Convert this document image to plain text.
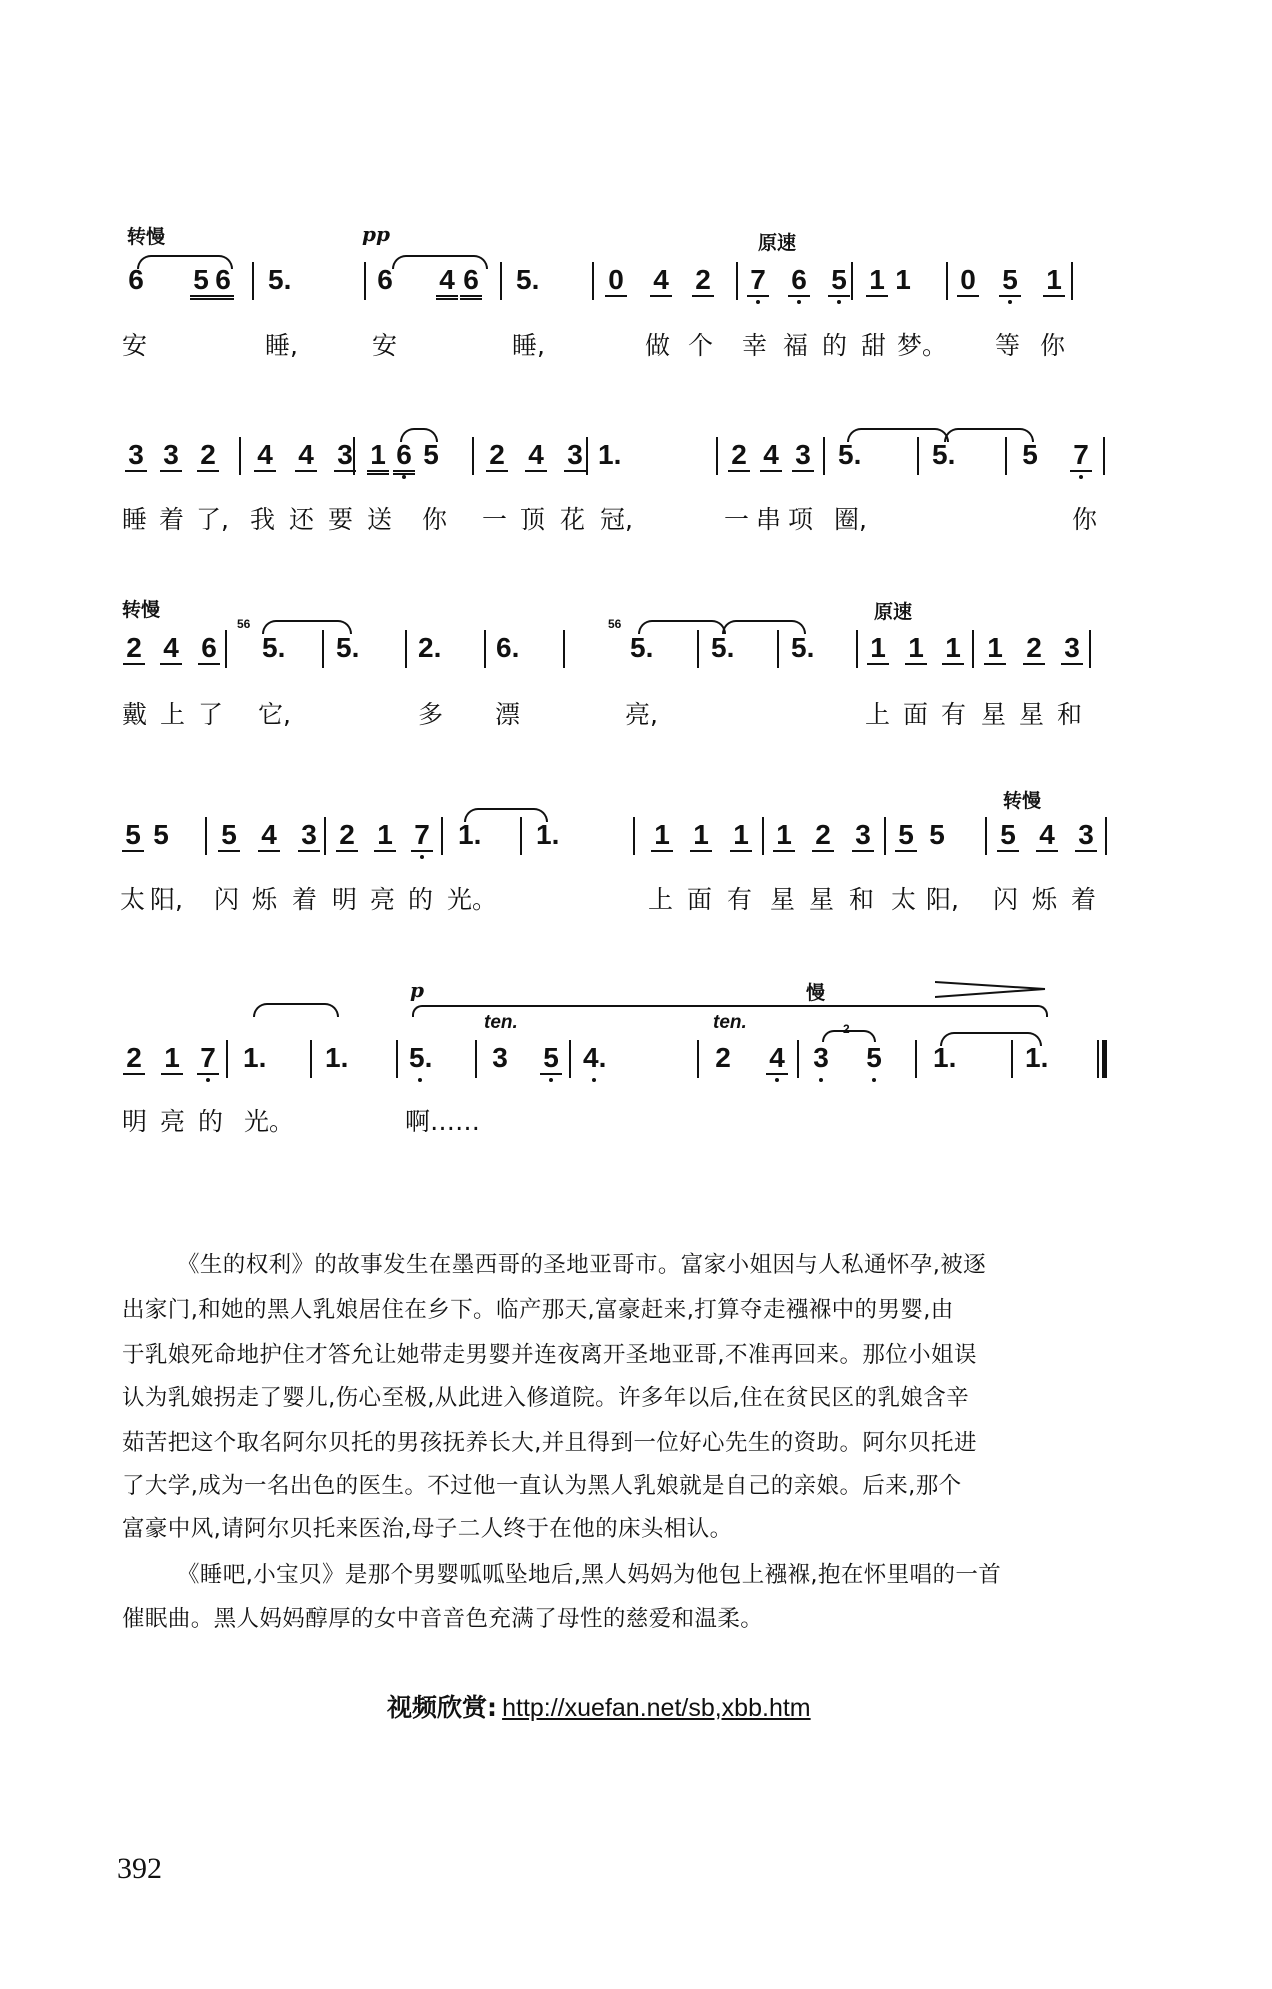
转慢	pp	原速
6 5 6 5.	6 4 6 5. 0 4 2 7 6 5 1 1 0 5 1
安	睡,	安	睡,	做 个 幸 福 的 甜 梦。 等 你
3 3 2 4 4 3 1 6 5 2 4 3 1.	2 4 3 5.	5. 5 7
睡 着 了, 我 还 要 送 你 一 顶 花 冠,	一 串 项 圈,	你
转慢	原速
56	56
2 4 6 5. 5. 2. 6.	5. 5. 5. 1 1 1 1 2 3
戴 上 了 它,	多 漂	亮,	上 面 有 星 星 和
转慢
5 5 5 4 3 2 1 7 1. 1.	1 1 1 1 2 3 5 5 5 4 3
太 阳, 闪 烁 着 明 亮 的 光。	上 面 有 星 星 和 太 阳, 闪 烁 着
p	慢
ten.	ten.	2
2 1 7 1. 1. 5. 3 5 4.	2 4 3 5 1. 1.
明 亮 的 光。	啊……
《生的权利》的故事发生在墨西哥的圣地亚哥市。富家小姐因与人私通怀孕,被逐
出家门,和她的黑人乳娘居住在乡下。临产那天,富豪赶来,打算夺走襁褓中的男婴,由
于乳娘死命地护住才答允让她带走男婴并连夜离开圣地亚哥,不准再回来。那位小姐误
认为乳娘拐走了婴儿,伤心至极,从此进入修道院。许多年以后,住在贫民区的乳娘含辛
茹苦把这个取名阿尔贝托的男孩抚养长大,并且得到一位好心先生的资助。阿尔贝托进
了大学,成为一名出色的医生。不过他一直认为黑人乳娘就是自己的亲娘。后来,那个
富豪中风,请阿尔贝托来医治,母子二人终于在他的床头相认。
《睡吧,小宝贝》是那个男婴呱呱坠地后,黑人妈妈为他包上襁褓,抱在怀里唱的一首
催眠曲。黑人妈妈醇厚的女中音音色充满了母性的慈爱和温柔。
视频欣赏: http://xuefan.net/sb,xbb.htm
392
